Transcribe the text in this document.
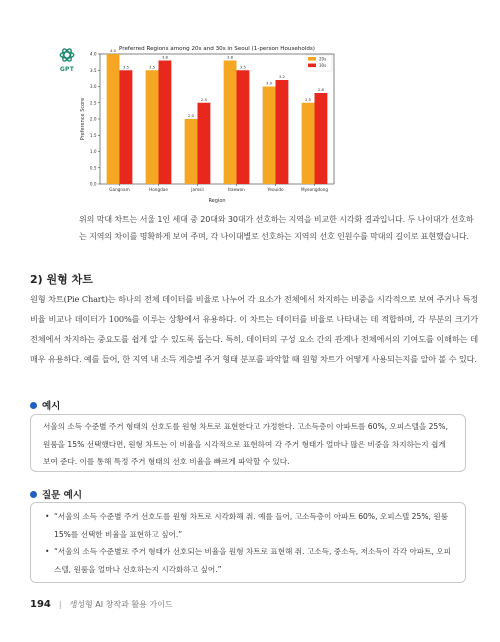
GPT
Preferred Regions among 20s and 30s in Seoul (1-person Households)
0.0
0.5
1.0
1.5
2.0
2.5
3.0
3.5
4.0
Preference Score
Region
4.0
3.5
Gangnam
3.5
3.8
Hongdae
2.0
2.5
Jamsil
3.8
3.5
Itaewon
3.0
3.2
Yeouido
2.5
2.8
Myeongdong
20s
30s
위의 막대 차트는 서울 1인 세대 중 20대와 30대가 선호하는 지역을 비교한 시각화 결과입니다. 두 나이대가 선호하는 지역의 차이를 명확하게 보여 주며, 각 나이대별로 선호하는 지역의 선호 인원수를 막대의 길이로 표현했습니다.
2) 원형 차트
원형 차트(Pie Chart)는 하나의 전체 데이터를 비율로 나누어 각 요소가 전체에서 차지하는 비중을 시각적으로 보여 주거나 특정 비율 비교나 데이터가 100%를 이루는 상황에서 유용하다. 이 차트는 데이터를 비율로 나타내는 데 적합하며, 각 부분의 크기가 전체에서 차지하는 중요도를 쉽게 알 수 있도록 돕는다. 특히, 데이터의 구성 요소 간의 관계나 전체에서의 기여도를 이해하는 데 매우 유용하다. 예를 들어, 한 지역 내 소득 계층별 주거 형태 분포를 파악할 때 원형 차트가 어떻게 사용되는지를 알아 볼 수 있다.
예시
서울의 소득 수준별 주거 형태의 선호도를 원형 차트로 표현한다고 가정한다. 고소득층이 아파트를 60%, 오피스텔을 25%, 원룸을 15% 선택했다면, 원형 차트는 이 비율을 시각적으로 표현하여 각 주거 형태가 얼마나 많은 비중을 차지하는지 쉽게 보여 준다. 이를 통해 특정 주거 형태의 선호 비율을 빠르게 파악할 수 있다.
질문 예시
• “서울의 소득 수준별 주거 선호도를 원형 차트로 시각화해 줘. 예를 들어, 고소득층이 아파트 60%, 오피스텔 25%, 원룸 15%를 선택한 비율을 표현하고 싶어.”
• “서울의 소득 수준별로 주거 형태가 선호되는 비율을 원형 차트로 표현해 줘. 고소득, 중소득, 저소득이 각각 아파트, 오피스텔, 원룸을 얼마나 선호하는지 시각화하고 싶어.”
194 | 생성형 AI 창작과 활용 가이드
